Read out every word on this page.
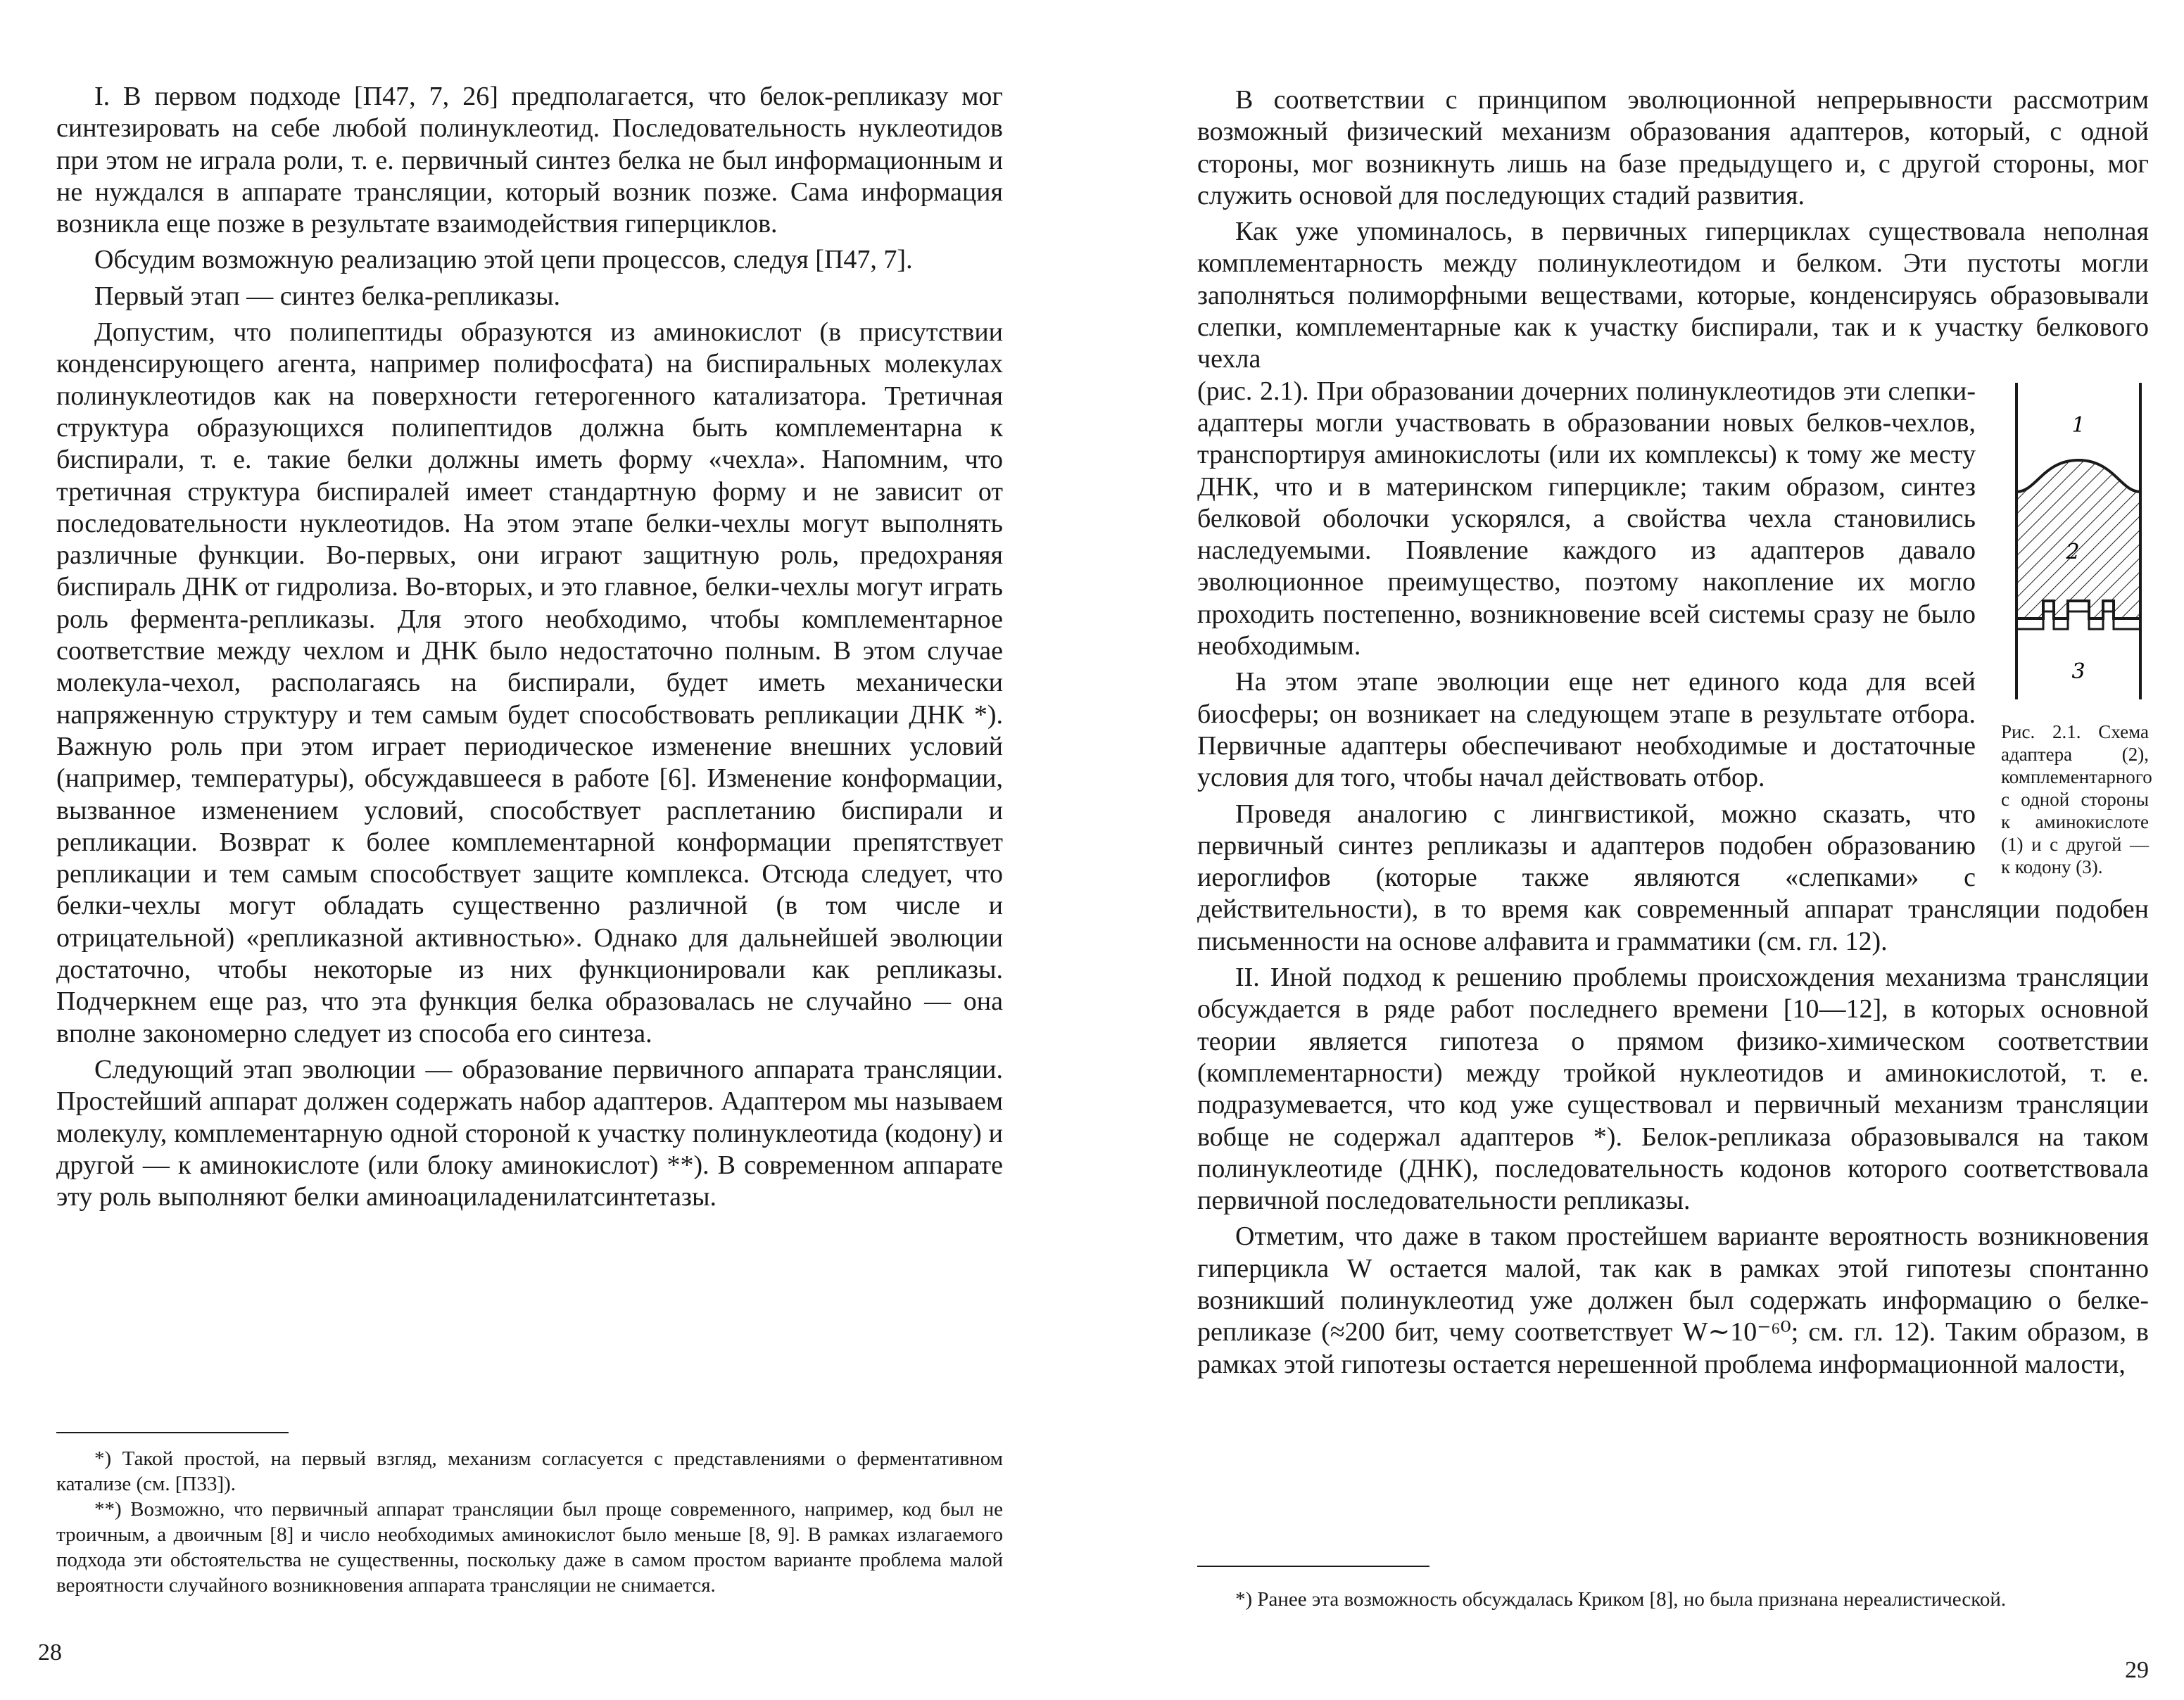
I. В первом подходе [П47, 7, 26] предполагается, что белок-репликазу мог синтезировать на себе любой полинуклеотид. Последовательность нуклеотидов при этом не играла роли, т. е. первичный синтез белка не был информационным и не нуждался в аппарате трансляции, который возник позже. Сама информация возникла еще позже в результате взаимодействия гиперциклов.

Обсудим возможную реализацию этой цепи процессов, следуя [П47, 7].

Первый этап — синтез белка-репликазы.

Допустим, что полипептиды образуются из аминокислот (в присутствии конденсирующего агента, например полифосфата) на биспиральных молекулах полинуклеотидов как на поверхности гетерогенного катализатора. Третичная структура образующихся полипептидов должна быть комплементарна к биспирали, т. е. такие белки должны иметь форму «чехла». Напомним, что третичная структура биспиралей имеет стандартную форму и не зависит от последовательности нуклеотидов. На этом этапе белки-чехлы могут выполнять различные функции. Во-первых, они играют защитную роль, предохраняя биспираль ДНК от гидролиза. Во-вторых, и это главное, белки-чехлы могут играть роль фермента-репликазы. Для этого необходимо, чтобы комплементарное соответствие между чехлом и ДНК было недостаточно полным. В этом случае молекула-чехол, располагаясь на биспирали, будет иметь механически напряженную структуру и тем самым будет способствовать репликации ДНК *). Важную роль при этом играет периодическое изменение внешних условий (например, температуры), обсуждавшееся в работе [6]. Изменение конформации, вызванное изменением условий, способствует расплетанию биспирали и репликации. Возврат к более комплементарной конформации препятствует репликации и тем самым способствует защите комплекса. Отсюда следует, что белки-чехлы могут обладать существенно различной (в том числе и отрицательной) «репликазной активностью». Однако для дальнейшей эволюции достаточно, чтобы некоторые из них функционировали как репликазы. Подчеркнем еще раз, что эта функция белка образовалась не случайно — она вполне закономерно следует из способа его синтеза.

Следующий этап эволюции — образование первичного аппарата трансляции. Простейший аппарат должен содержать набор адаптеров. Адаптером мы называем молекулу, комплементарную одной стороной к участку полинуклеотида (кодону) и другой — к аминокислоте (или блоку аминокислот) **). В современном аппарате эту роль выполняют белки аминоациладенилатсинтетазы.

*) Такой простой, на первый взгляд, механизм согласуется с представлениями о ферментативном катализе (см. [П33]).

**) Возможно, что первичный аппарат трансляции был проще современного, например, код был не троичным, а двоичным [8] и число необходимых аминокислот было меньше [8, 9]. В рамках излагаемого подхода эти обстоятельства не существенны, поскольку даже в самом простом варианте проблема малой вероятности случайного возникновения аппарата трансляции не снимается.

28

В соответствии с принципом эволюционной непрерывности рассмотрим возможный физический механизм образования адаптеров, который, с одной стороны, мог возникнуть лишь на базе предыдущего и, с другой стороны, мог служить основой для последующих стадий развития.

Как уже упоминалось, в первичных гиперциклах существовала неполная комплементарность между полинуклеотидом и белком. Эти пустоты могли заполняться полиморфными веществами, которые, конденсируясь образовывали слепки, комплементарные как к участку биспирали, так и к участку белкового чехла

1
2
3
Рис. 2.1. Схема адаптера (2), комплементарного с одной стороны к аминокислоте (1) и с другой — к кодону (3).

(рис. 2.1). При образовании дочерних полинуклеотидов эти слепки-адаптеры могли участвовать в образовании новых белков-чехлов, транспортируя аминокислоты (или их комплексы) к тому же месту ДНК, что и в материнском гиперцикле; таким образом, синтез белковой оболочки ускорялся, а свойства чехла становились наследуемыми. Появление каждого из адаптеров давало эволюционное преимущество, поэтому накопление их могло проходить постепенно, возникновение всей системы сразу не было необходимым.

На этом этапе эволюции еще нет единого кода для всей биосферы; он возникает на следующем этапе в результате отбора. Первичные адаптеры обеспечивают необходимые и достаточные условия для того, чтобы начал действовать отбор.

Проведя аналогию с лингвистикой, можно сказать, что первичный синтез репликазы и адаптеров подобен образованию иероглифов (которые также являются «слепками» с действительности), в то время как современный аппарат трансляции подобен письменности на основе алфавита и грамматики (см. гл. 12).

II. Иной подход к решению проблемы происхождения механизма трансляции обсуждается в ряде работ последнего времени [10—12], в которых основной теории является гипотеза о прямом физико-химическом соответствии (комплементарности) между тройкой нуклеотидов и аминокислотой, т. е. подразумевается, что код уже существовал и первичный механизм трансляции вобще не содержал адаптеров *). Белок-репликаза образовывался на таком полинуклеотиде (ДНК), последовательность кодонов которого соответствовала первичной последовательности репликазы.

Отметим, что даже в таком простейшем варианте вероятность возникновения гиперцикла W остается малой, так как в рамках этой гипотезы спонтанно возникший полинуклеотид уже должен был содержать информацию о белке-репликазе (≈200 бит, чему соответствует W∼10⁻⁶⁰; см. гл. 12). Таким образом, в рамках этой гипотезы остается нерешенной проблема информационной малости,

*) Ранее эта возможность обсуждалась Криком [8], но была признана нереалистической.

29
